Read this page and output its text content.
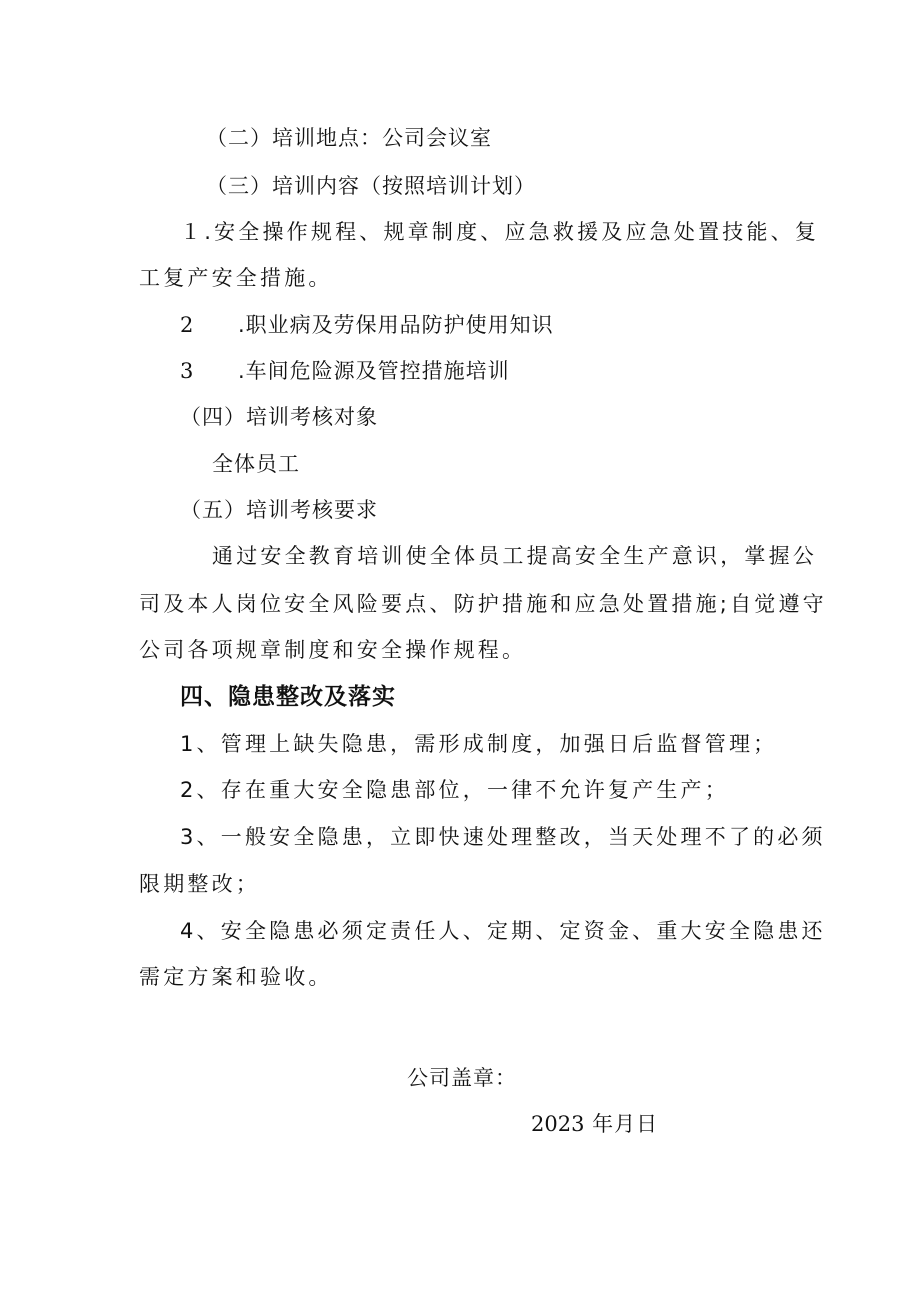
（二）培训地点：公司会议室
（三）培训内容（按照培训计划）
１.安全操作规程、规章制度、应急救援及应急处置技能、复
工复产安全措施。
2 .职业病及劳保用品防护使用知识
3 .车间危险源及管控措施培训
（四）培训考核对象
全体员工
（五）培训考核要求
通过安全教育培训使全体员工提高安全生产意识，掌握公
司及本人岗位安全风险要点、防护措施和应急处置措施;自觉遵守
公司各项规章制度和安全操作规程。
四、隐患整改及落实
1、管理上缺失隐患，需形成制度，加强日后监督管理；
2、存在重大安全隐患部位，一律不允许复产生产；
3、一般安全隐患，立即快速处理整改，当天处理不了的必须
限期整改；
4、安全隐患必须定责任人、定期、定资金、重大安全隐患还
需定方案和验收。
公司盖章：
2023 年月日
